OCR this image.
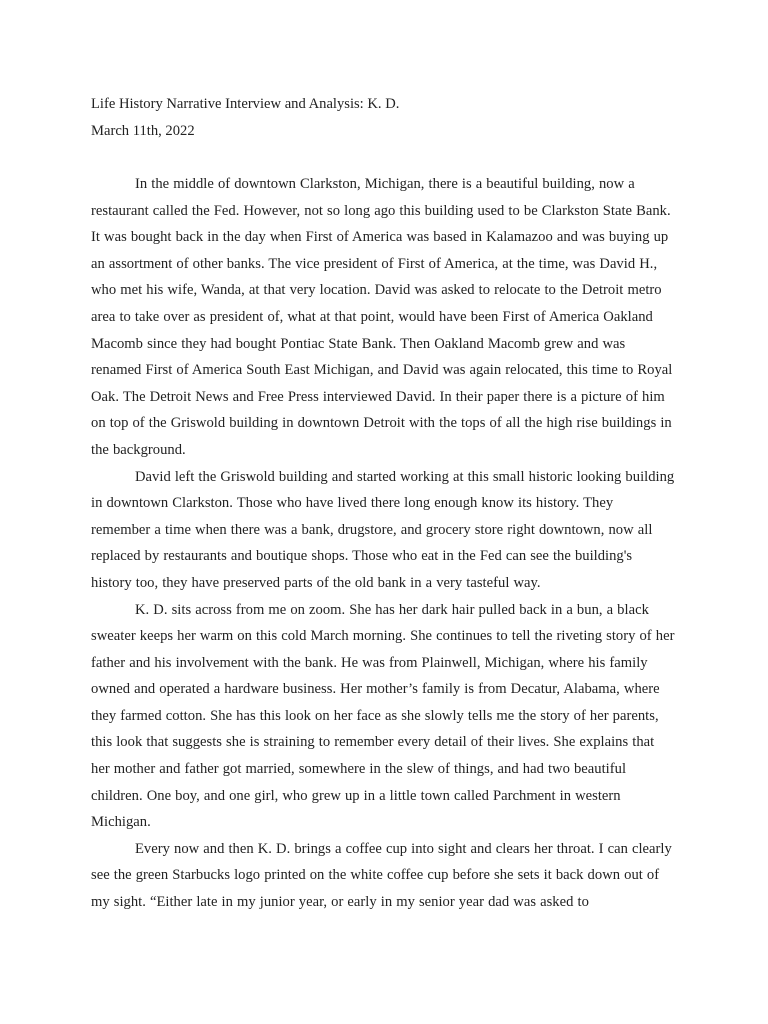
Life History Narrative Interview and Analysis: K. D.
March 11th, 2022

In the middle of downtown Clarkston, Michigan, there is a beautiful building, now a restaurant called the Fed. However, not so long ago this building used to be Clarkston State Bank. It was bought back in the day when First of America was based in Kalamazoo and was buying up an assortment of other banks. The vice president of First of America, at the time, was David H., who met his wife, Wanda, at that very location. David was asked to relocate to the Detroit metro area to take over as president of, what at that point, would have been First of America Oakland Macomb since they had bought Pontiac State Bank. Then Oakland Macomb grew and was renamed First of America South East Michigan, and David was again relocated, this time to Royal Oak. The Detroit News and Free Press interviewed David. In their paper there is a picture of him on top of the Griswold building in downtown Detroit with the tops of all the high rise buildings in the background.

David left the Griswold building and started working at this small historic looking building in downtown Clarkston. Those who have lived there long enough know its history. They remember a time when there was a bank, drugstore, and grocery store right downtown, now all replaced by restaurants and boutique shops. Those who eat in the Fed can see the building's history too, they have preserved parts of the old bank in a very tasteful way.

K. D. sits across from me on zoom. She has her dark hair pulled back in a bun, a black sweater keeps her warm on this cold March morning. She continues to tell the riveting story of her father and his involvement with the bank. He was from Plainwell, Michigan, where his family owned and operated a hardware business. Her mother’s family is from Decatur, Alabama, where they farmed cotton. She has this look on her face as she slowly tells me the story of her parents, this look that suggests she is straining to remember every detail of their lives. She explains that her mother and father got married, somewhere in the slew of things, and had two beautiful children. One boy, and one girl, who grew up in a little town called Parchment in western Michigan.

Every now and then K. D. brings a coffee cup into sight and clears her throat. I can clearly see the green Starbucks logo printed on the white coffee cup before she sets it back down out of my sight. “Either late in my junior year, or early in my senior year dad was asked to
